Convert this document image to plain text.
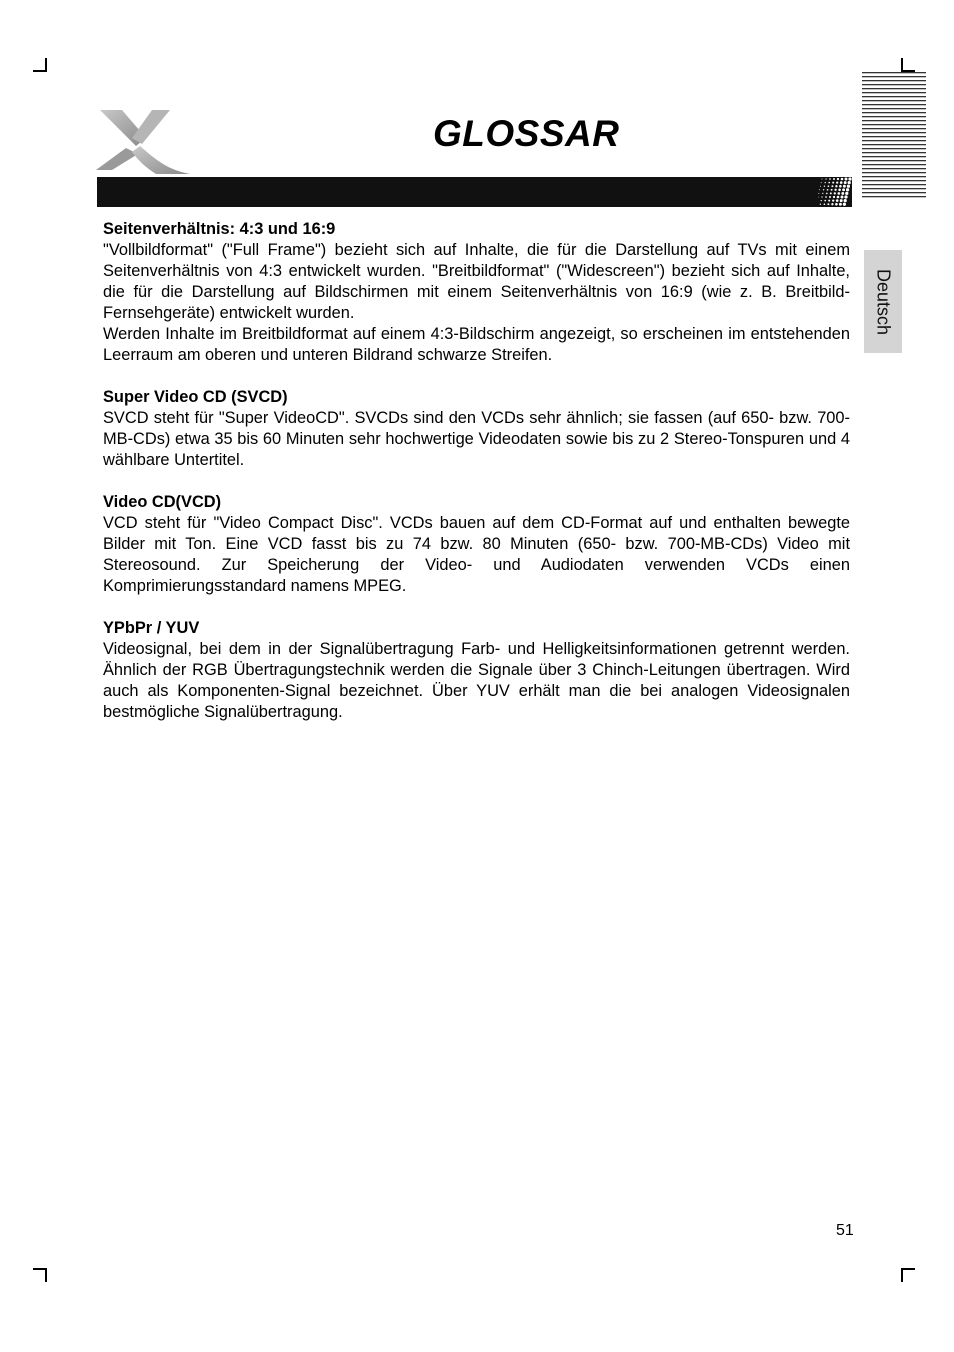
GLOSSAR
Deutsch
Seitenverhältnis: 4:3 und 16:9

"Vollbildformat" ("Full Frame") bezieht sich auf Inhalte, die für die Darstellung auf TVs mit einem Seitenverhältnis von 4:3 entwickelt wurden. "Breitbildformat" ("Widescreen") bezieht sich auf Inhalte, die für die Darstellung auf Bildschirmen mit einem Seitenverhältnis von 16:9 (wie z. B. Breitbild-Fernsehgeräte) entwickelt wurden.

Werden Inhalte im Breitbildformat auf einem 4:3-Bildschirm angezeigt, so erscheinen im entstehenden Leerraum am oberen und unteren Bildrand schwarze Streifen.

Super Video CD (SVCD)

SVCD steht für "Super VideoCD". SVCDs sind den VCDs sehr ähnlich; sie fassen (auf 650- bzw. 700-MB-CDs) etwa 35 bis 60 Minuten sehr hochwertige Videodaten sowie bis zu 2 Stereo-Tonspuren und 4 wählbare Untertitel.

Video CD(VCD)

VCD steht für "Video Compact Disc". VCDs bauen auf dem CD-Format auf und enthalten bewegte Bilder mit Ton. Eine VCD fasst bis zu 74 bzw. 80 Minuten (650- bzw. 700-MB-CDs) Video mit Stereosound. Zur Speicherung der Video- und Audiodaten verwenden VCDs einen Komprimierungsstandard namens MPEG.

YPbPr / YUV

Videosignal, bei dem in der Signalübertragung Farb- und Helligkeitsinformationen getrennt werden. Ähnlich der RGB Übertragungstechnik werden die Signale über 3 Chinch-Leitungen übertragen. Wird auch als Komponenten-Signal bezeichnet. Über YUV erhält man die bei analogen Videosignalen bestmögliche Signalübertragung.

51
